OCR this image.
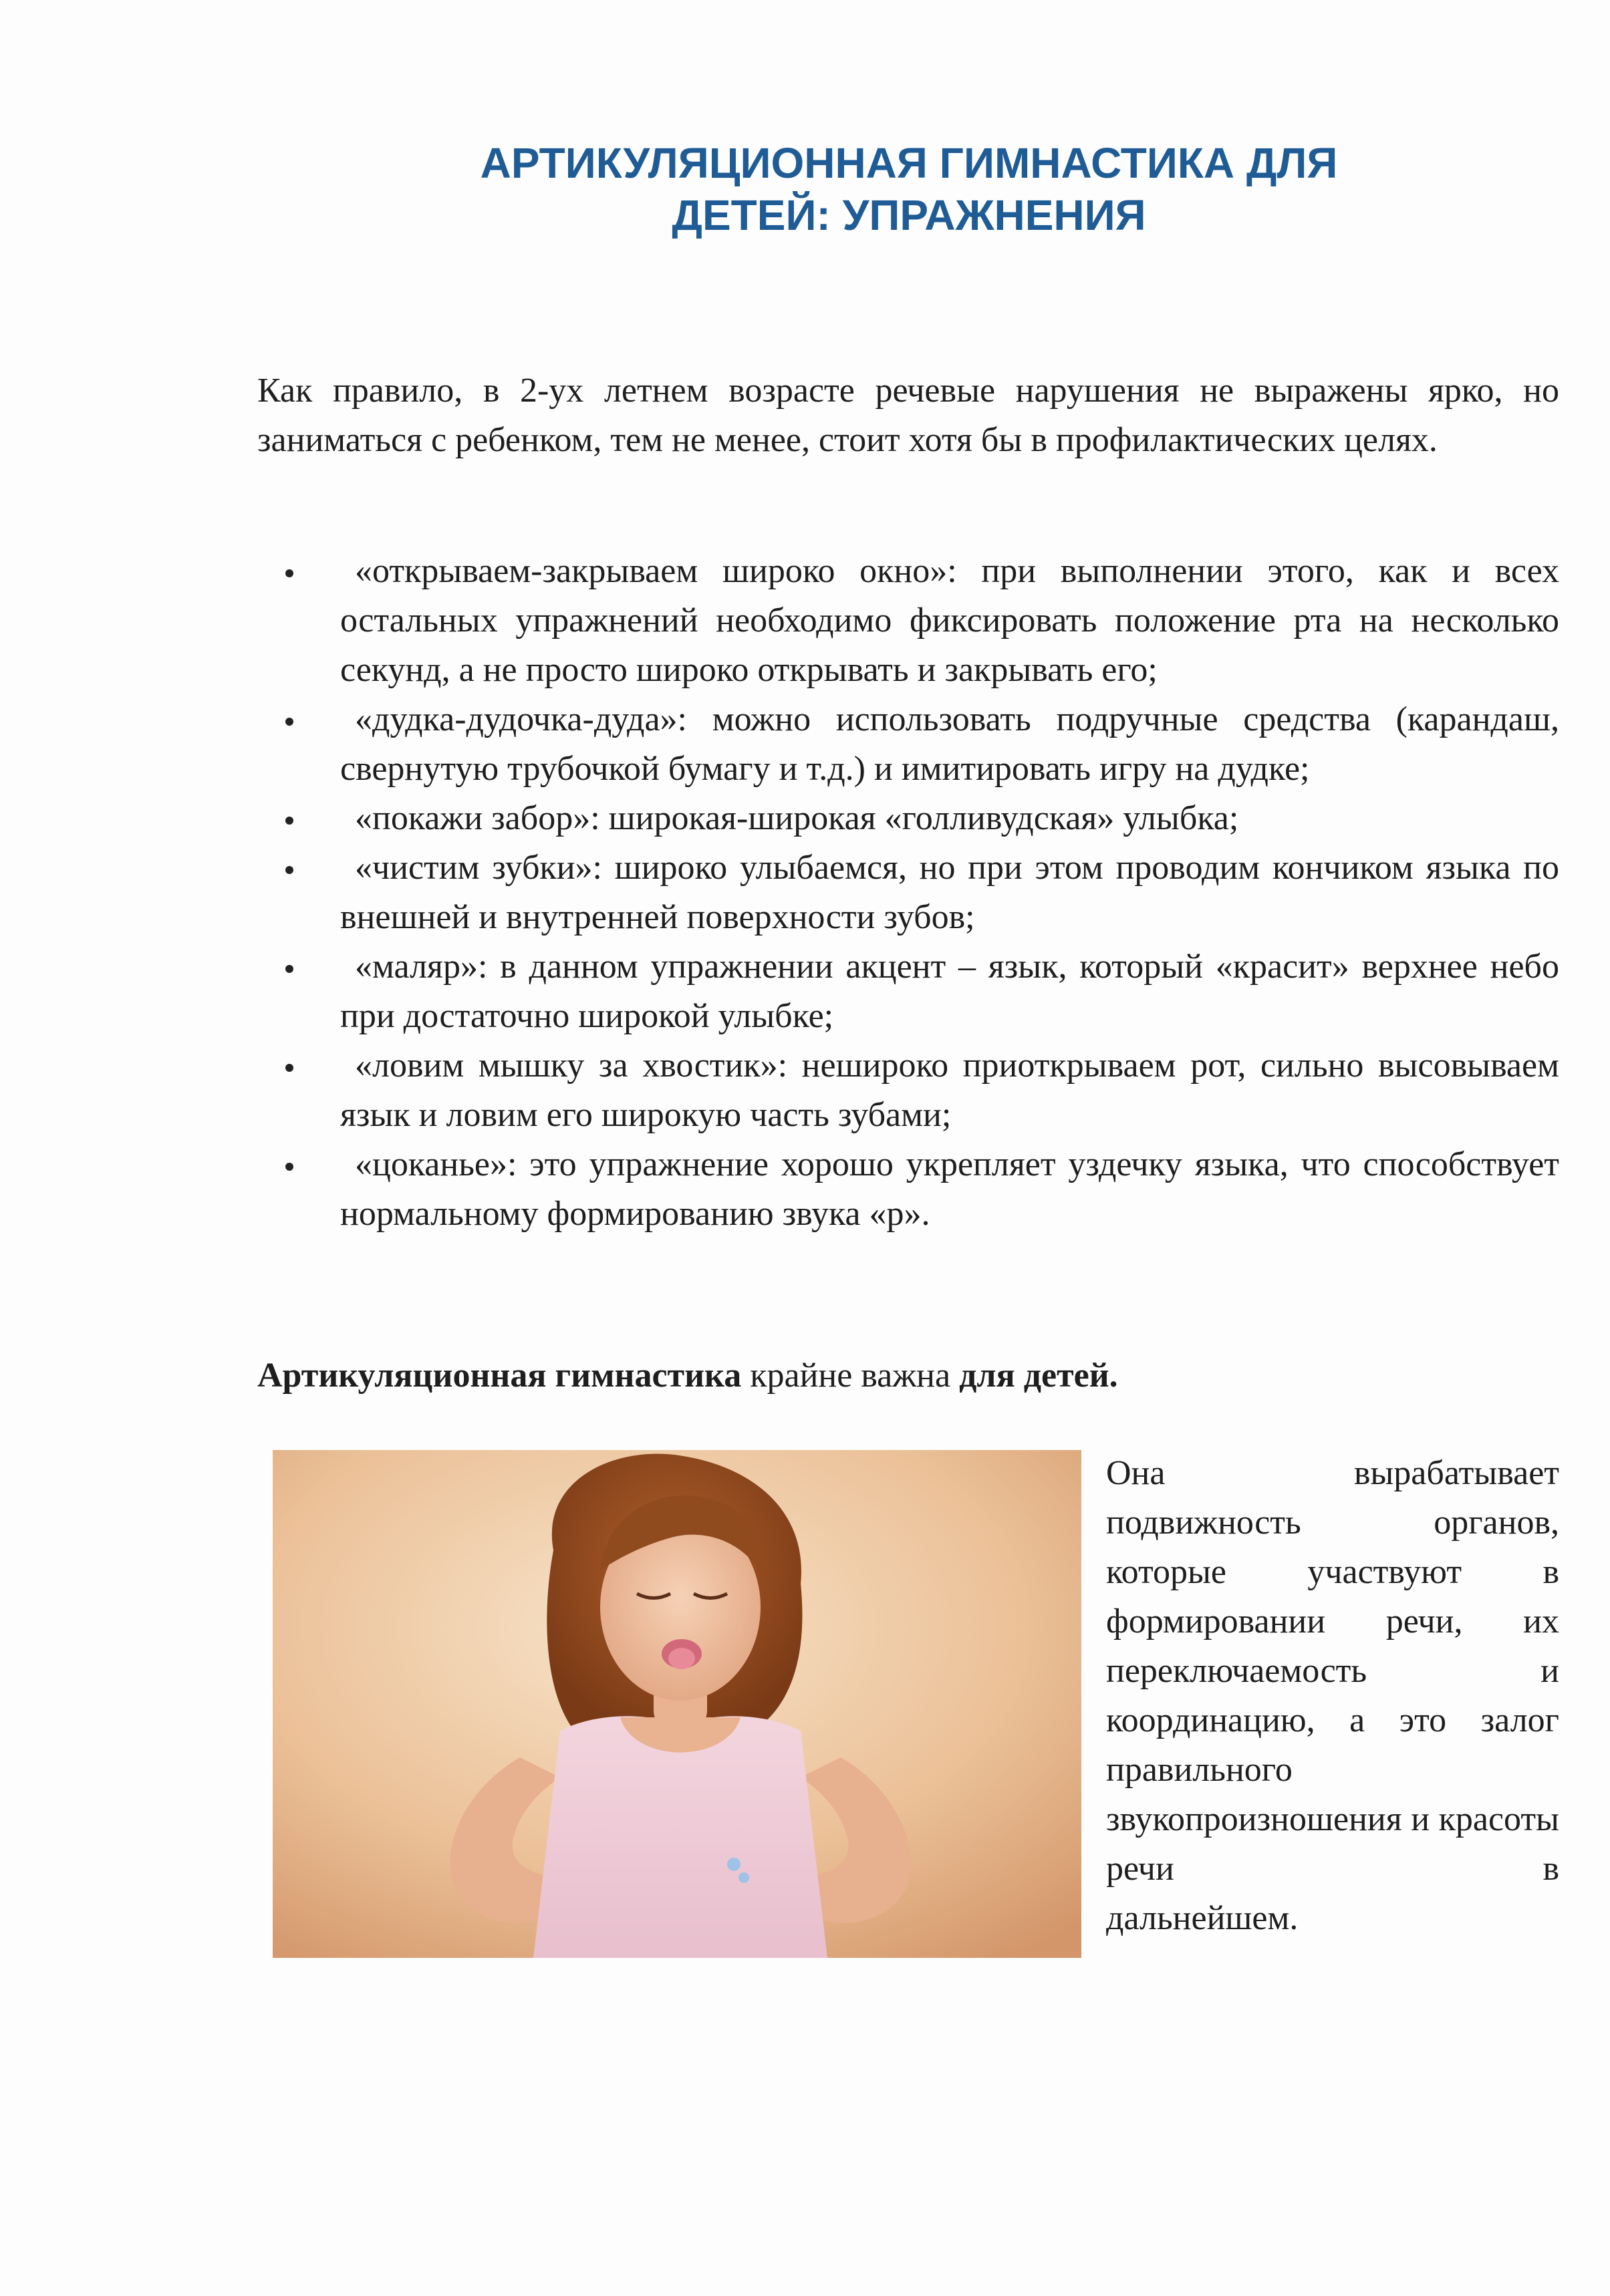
АРТИКУЛЯЦИОННАЯ ГИМНАСТИКА ДЛЯ
ДЕТЕЙ: УПРАЖНЕНИЯ

Как правило, в 2-ух летнем возрасте речевые нарушения не выражены ярко, но заниматься с ребенком, тем не менее, стоит хотя бы в профилактических целях.

«открываем-закрываем широко окно»: при выполнении этого, как и всех остальных упражнений необходимо фиксировать положение рта на несколько секунд, а не просто широко открывать и закрывать его;
«дудка-дудочка-дуда»: можно использовать подручные средства (карандаш, свернутую трубочкой бумагу и т.д.) и имитировать игру на дудке;
«покажи забор»: широкая-широкая «голливудская» улыбка;
«чистим зубки»: широко улыбаемся, но при этом проводим кончиком языка по внешней и внутренней поверхности зубов;
«маляр»: в данном упражнении акцент – язык, который «красит» верхнее небо при достаточно широкой улыбке;
«ловим мышку за хвостик»: нешироко приоткрываем рот, сильно высовываем язык и ловим его широкую часть зубами;
«цоканье»: это упражнение хорошо укрепляет уздечку языка, что способствует нормальному формированию звука «р».

Артикуляционная гимнастика крайне важна для детей.

Она вырабатывает подвижность органов, которые участвуют в формировании речи, их переключаемость и координацию, а это залог правильного звукопроизношения и красоты речи в
дальнейшем.
